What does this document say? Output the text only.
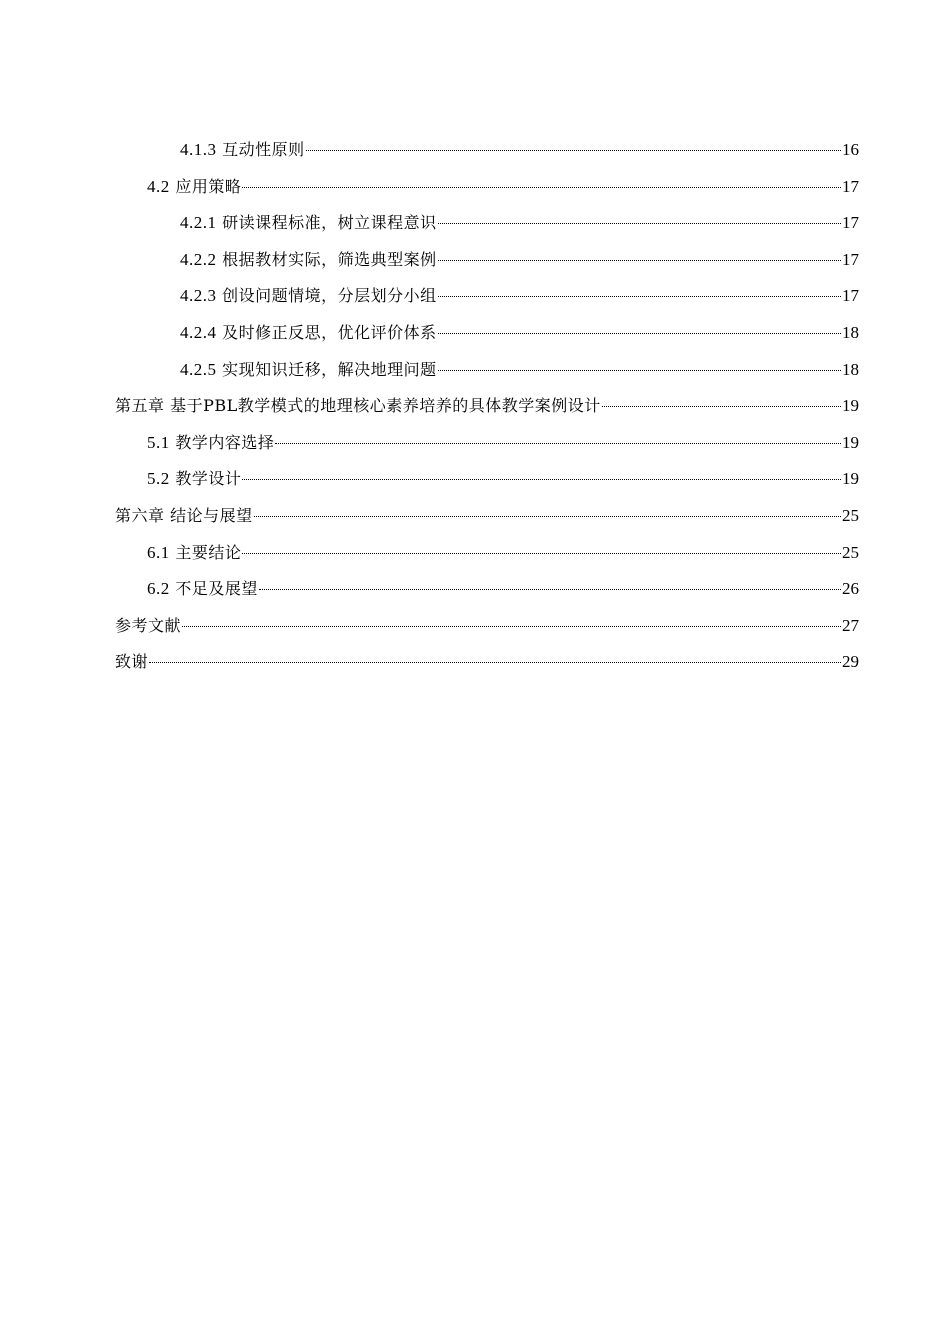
4.1.3 互动性原则	16
4.2 应用策略	17
4.2.1 研读课程标准，树立课程意识	17
4.2.2 根据教材实际，筛选典型案例	17
4.2.3 创设问题情境，分层划分小组	17
4.2.4 及时修正反思，优化评价体系	18
4.2.5 实现知识迁移，解决地理问题	18
第五章 基于PBL教学模式的地理核心素养培养的具体教学案例设计	19
5.1 教学内容选择	19
5.2 教学设计	19
第六章 结论与展望	25
6.1 主要结论	25
6.2 不足及展望	26
参考文献	27
致谢	29
